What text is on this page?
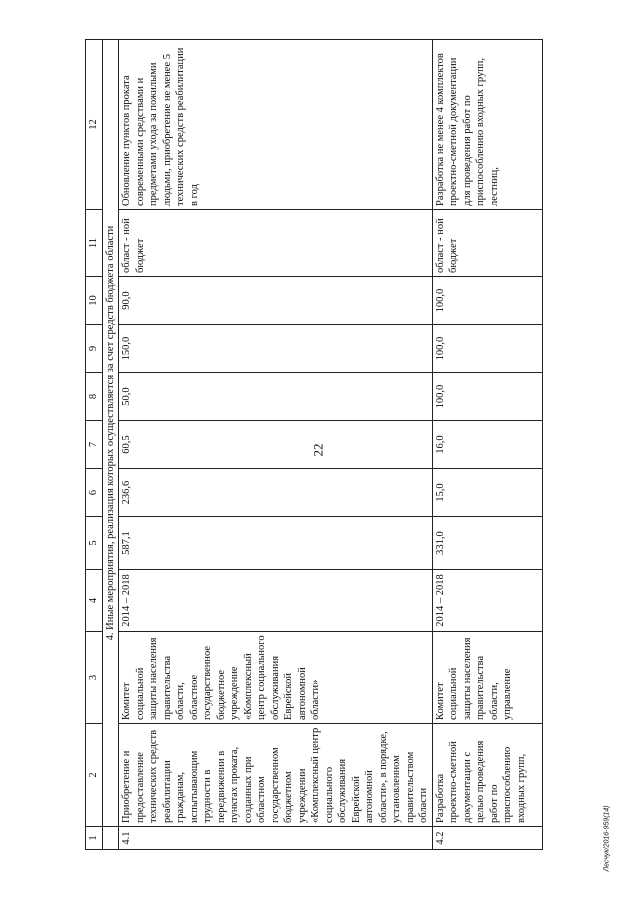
22
Лесчук/2016-959(14)
1	2	3	4	5	6	7	8	9	10	11	12
	4. Иные мероприятия, реализация которых осуществляется за счет средств бюджета области										
4.1	Приобретение и предоставление технических средств реабилитации гражданам, испытывающим трудности в передвижении в пунктах проката, созданных при областном государственном бюджетном учреждении «Комплексный центр социального обслуживания Еврейской автономной области», в порядке, установленном правительством области	Комитет социальной защиты населения правительства области, областное государственное бюджетное учреждение «Комплексный центр социального обслуживания Еврейской автономной области»	2014 – 2018	587,1	236,6	60,5	50,0	150,0	90,0	област - ной бюджет	Обновление пунктов проката современными средствами и предметами ухода за пожилыми людьми, приобретение не менее 5 технических средств реабилитации в год
4.2	Разработка проектно-сметной документации с целью проведения работ по приспособлению входных групп,	Комитет социальной защиты населения правительства области, управление	2014 – 2018	331,0	15,0	16,0	100,0	100,0	100,0	област - ной бюджет	Разработка не менее 4 комплектов проектно-сметной документации для проведения работ по приспособлению входных групп, лестниц,
